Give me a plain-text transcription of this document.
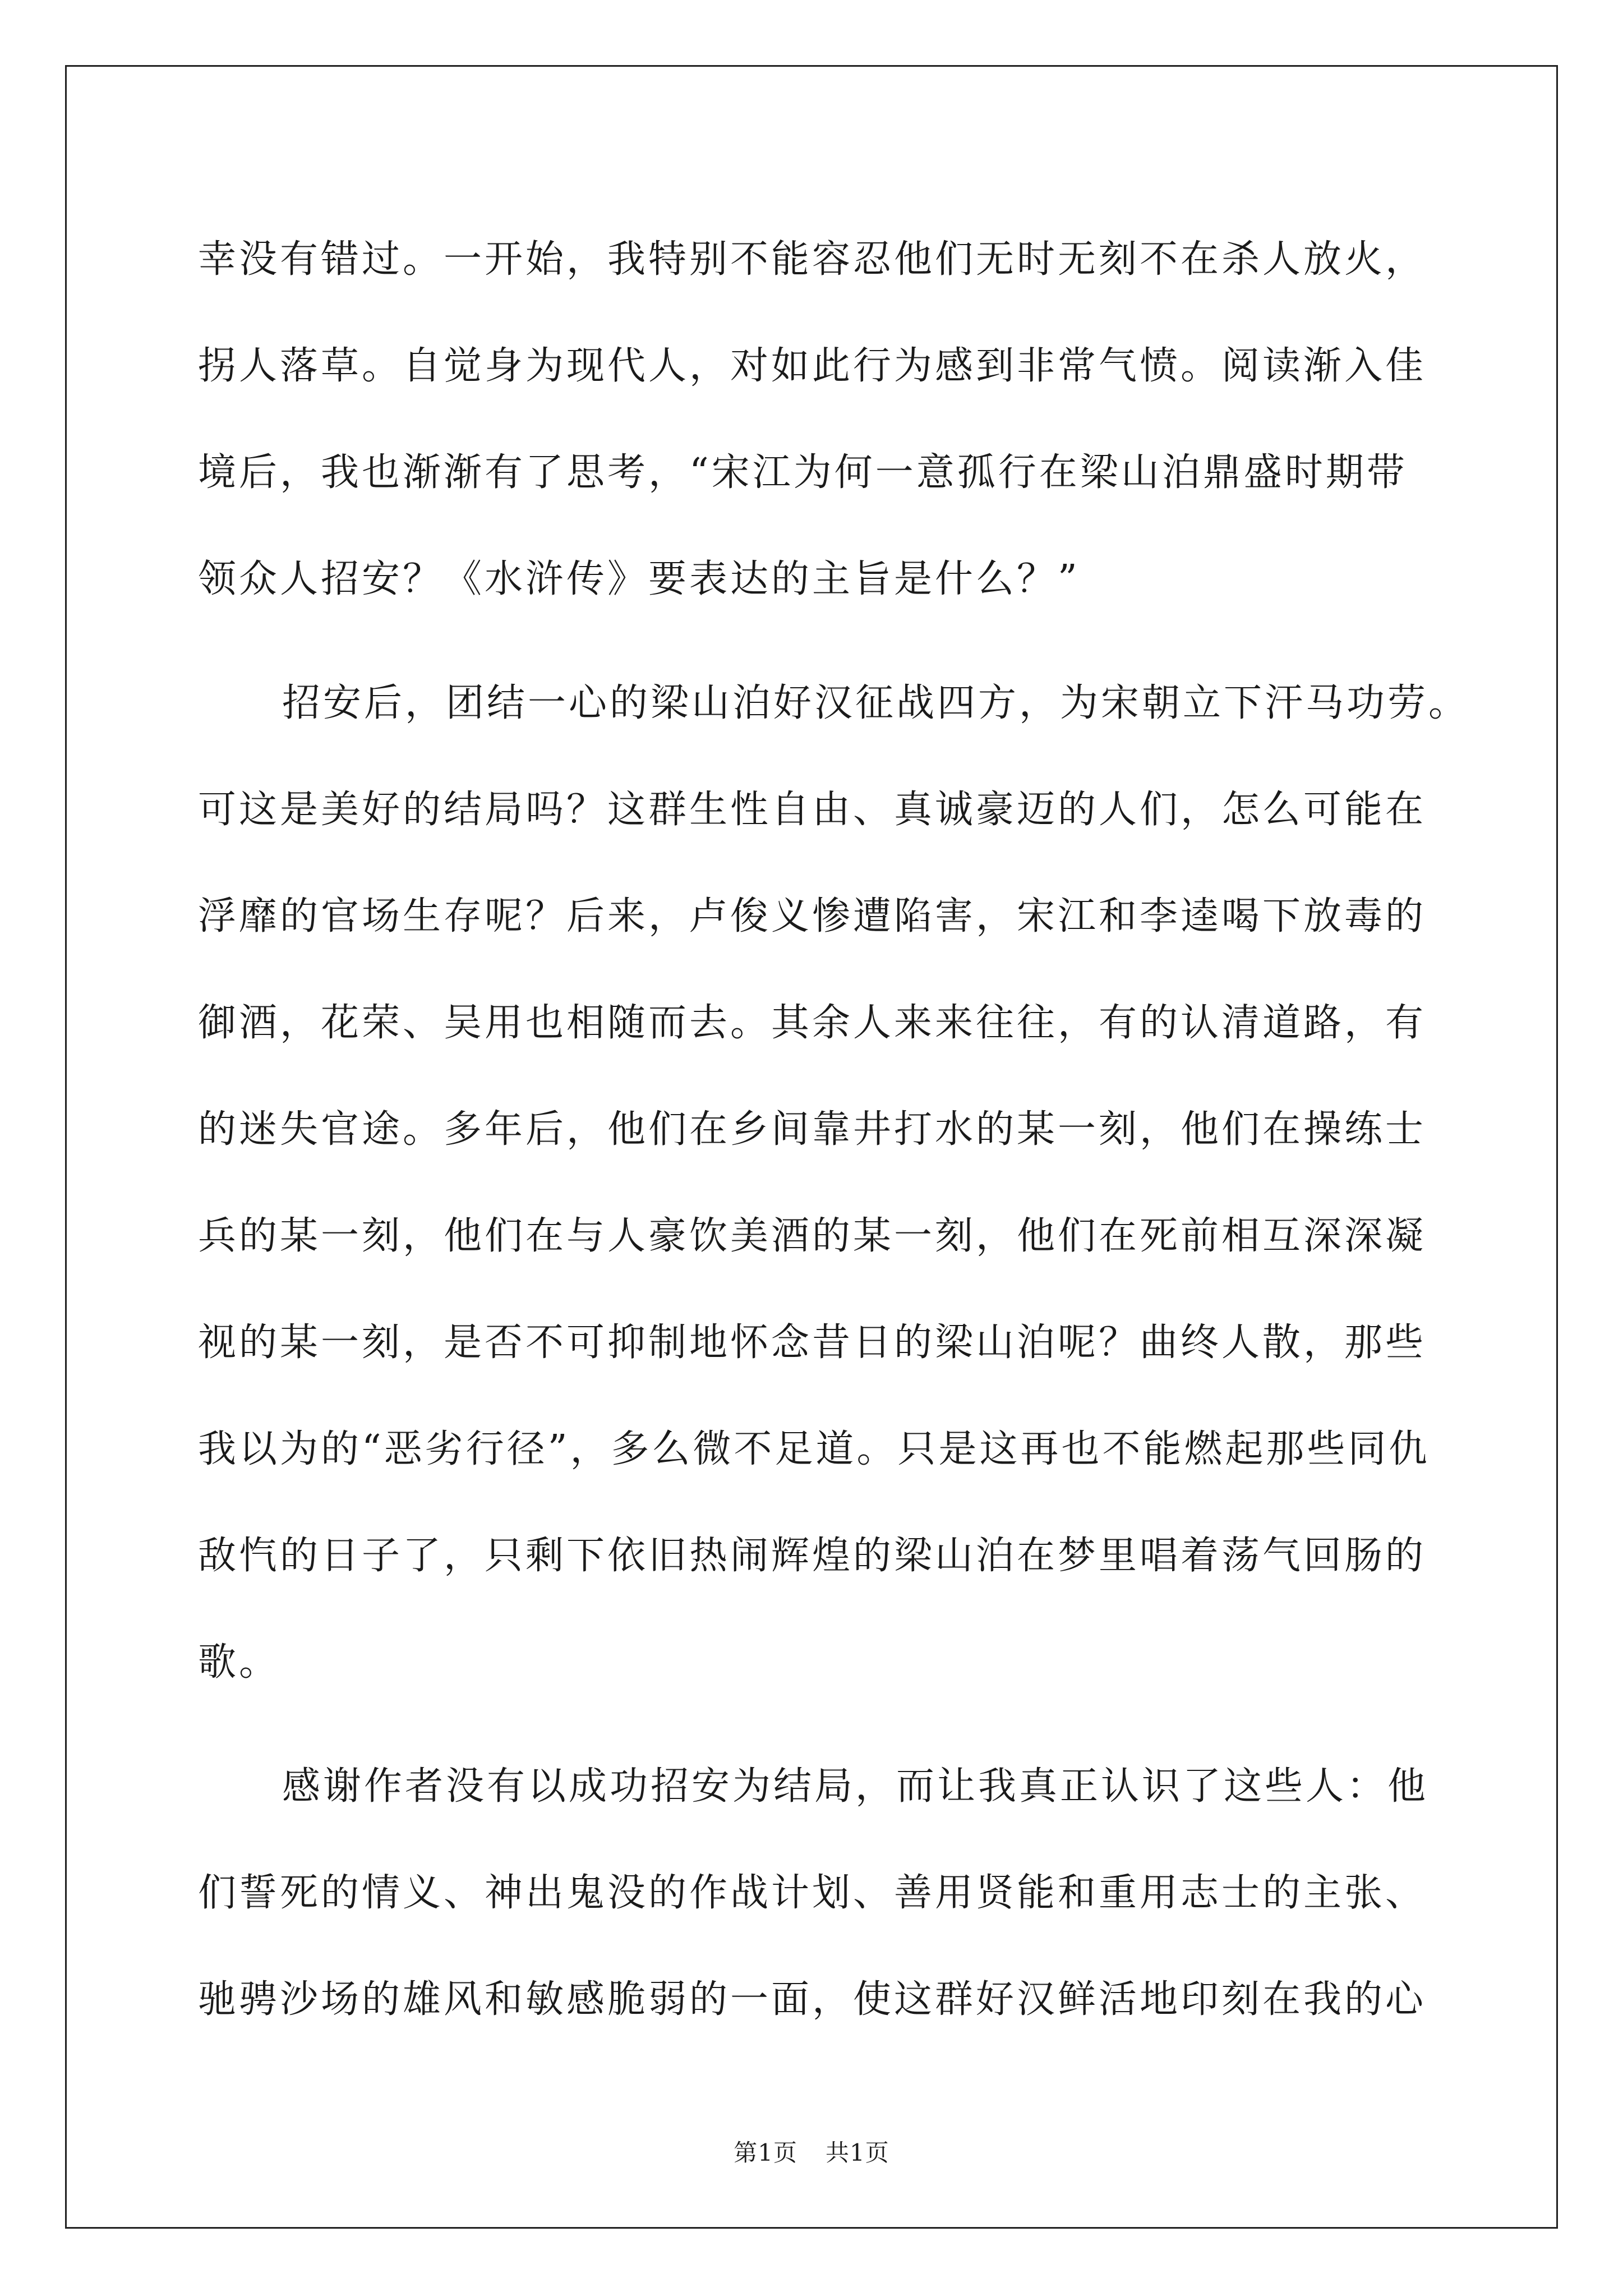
幸没有错过。一开始，我特别不能容忍他们无时无刻不在杀人放火，
拐人落草。自觉身为现代人，对如此行为感到非常气愤。阅读渐入佳
境后，我也渐渐有了思考，“宋江为何一意孤行在梁山泊鼎盛时期带
领众人招安？《水浒传》要表达的主旨是什么？”
招安后，团结一心的梁山泊好汉征战四方，为宋朝立下汗马功劳。
可这是美好的结局吗？这群生性自由、真诚豪迈的人们，怎么可能在
浮靡的官场生存呢？后来，卢俊义惨遭陷害，宋江和李逵喝下放毒的
御酒，花荣、吴用也相随而去。其余人来来往往，有的认清道路，有
的迷失官途。多年后，他们在乡间靠井打水的某一刻，他们在操练士
兵的某一刻，他们在与人豪饮美酒的某一刻，他们在死前相互深深凝
视的某一刻，是否不可抑制地怀念昔日的梁山泊呢？曲终人散，那些
我以为的“恶劣行径”，多么微不足道。只是这再也不能燃起那些同仇
敌忾的日子了，只剩下依旧热闹辉煌的梁山泊在梦里唱着荡气回肠的
歌。
感谢作者没有以成功招安为结局，而让我真正认识了这些人：他
们誓死的情义、神出鬼没的作战计划、善用贤能和重用志士的主张、
驰骋沙场的雄风和敏感脆弱的一面，使这群好汉鲜活地印刻在我的心
第1页 共1页
